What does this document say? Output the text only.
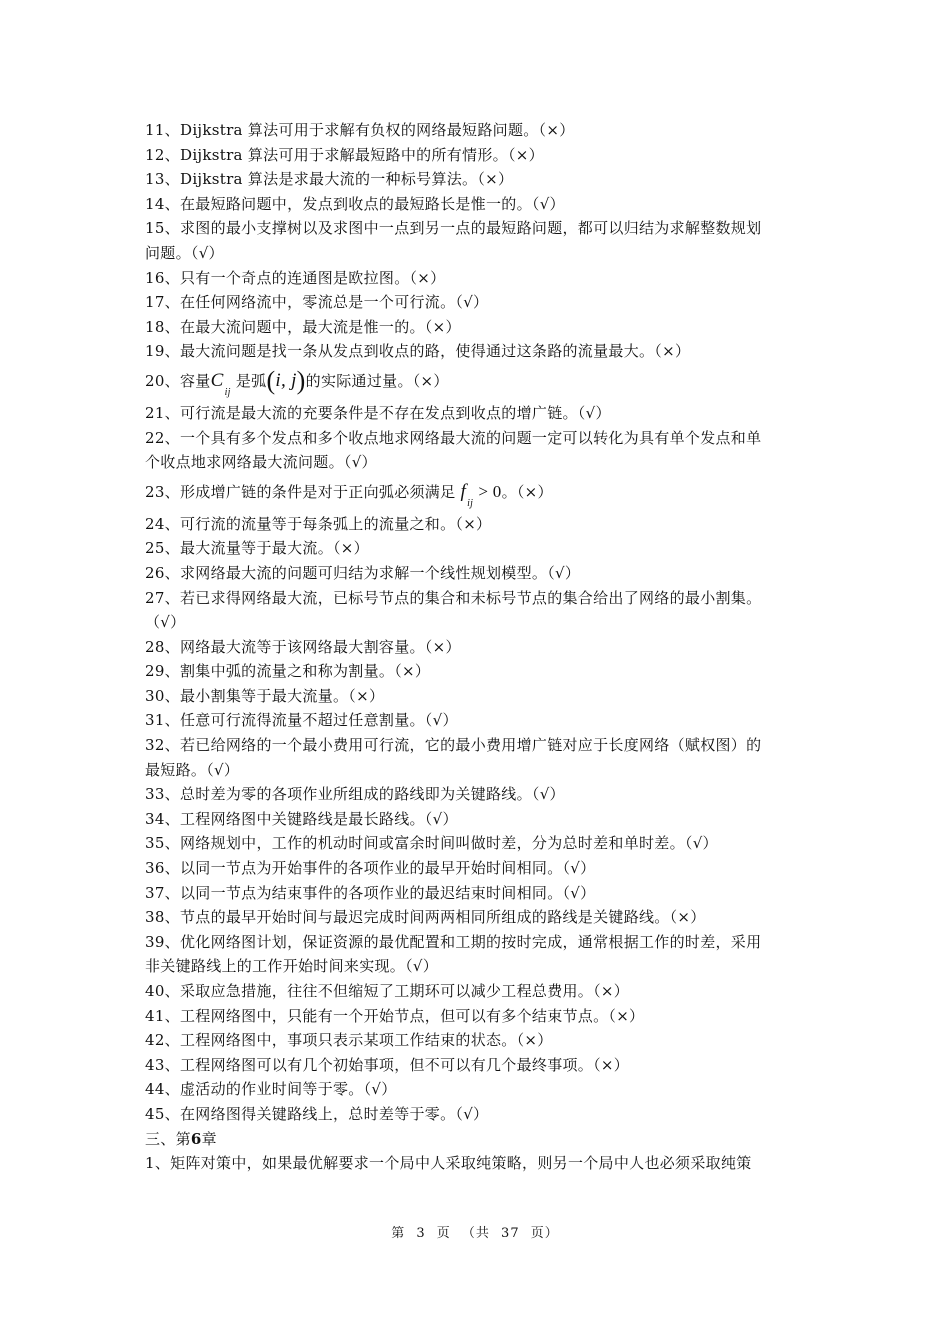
11、Dijkstra 算法可用于求解有负权的网络最短路问题。（×）
12、Dijkstra 算法可用于求解最短路中的所有情形。（×）
13、Dijkstra 算法是求最大流的一种标号算法。（×）
14、在最短路问题中，发点到收点的最短路长是惟一的。（√）
15、求图的最小支撑树以及求图中一点到另一点的最短路问题，都可以归结为求解整数规划
问题。（√）
16、只有一个奇点的连通图是欧拉图。（×）
17、在任何网络流中，零流总是一个可行流。（√）
18、在最大流问题中，最大流是惟一的。（×）
19、最大流问题是找一条从发点到收点的路，使得通过这条路的流量最大。（×）
20、容量$C_{ij}$ 是弧(i, j)的实际通过量。（×）
21、可行流是最大流的充要条件是不存在发点到收点的增广链。（√）
22、一个具有多个发点和多个收点地求网络最大流的问题一定可以转化为具有单个发点和单
个收点地求网络最大流问题。（√）
23、形成增广链的条件是对于正向弧必须满足 $f_{ij} > 0$。（×）
24、可行流的流量等于每条弧上的流量之和。（×）
25、最大流量等于最大流。（×）
26、求网络最大流的问题可归结为求解一个线性规划模型。（√）
27、若已求得网络最大流，已标号节点的集合和未标号节点的集合给出了网络的最小割集。
（√）
28、网络最大流等于该网络最大割容量。（×）
29、割集中弧的流量之和称为割量。（×）
30、最小割集等于最大流量。（×）
31、任意可行流得流量不超过任意割量。（√）
32、若已给网络的一个最小费用可行流，它的最小费用增广链对应于长度网络（赋权图）的
最短路。（√）
33、总时差为零的各项作业所组成的路线即为关键路线。（√）
34、工程网络图中关键路线是最长路线。（√）
35、网络规划中，工作的机动时间或富余时间叫做时差，分为总时差和单时差。（√）
36、以同一节点为开始事件的各项作业的最早开始时间相同。（√）
37、以同一节点为结束事件的各项作业的最迟结束时间相同。（√）
38、节点的最早开始时间与最迟完成时间两两相同所组成的路线是关键路线。（×）
39、优化网络图计划，保证资源的最优配置和工期的按时完成，通常根据工作的时差，采用
非关键路线上的工作开始时间来实现。（√）
40、采取应急措施，往往不但缩短了工期环可以减少工程总费用。（×）
41、工程网络图中，只能有一个开始节点，但可以有多个结束节点。（×）
42、工程网络图中，事项只表示某项工作结束的状态。（×）
43、工程网络图可以有几个初始事项，但不可以有几个最终事项。（×）
44、虚活动的作业时间等于零。（√）
45、在网络图得关键路线上，总时差等于零。（√）
三、第6章
1、矩阵对策中，如果最优解要求一个局中人采取纯策略，则另一个局中人也必须采取纯策
第 3 页 （共 37 页）
